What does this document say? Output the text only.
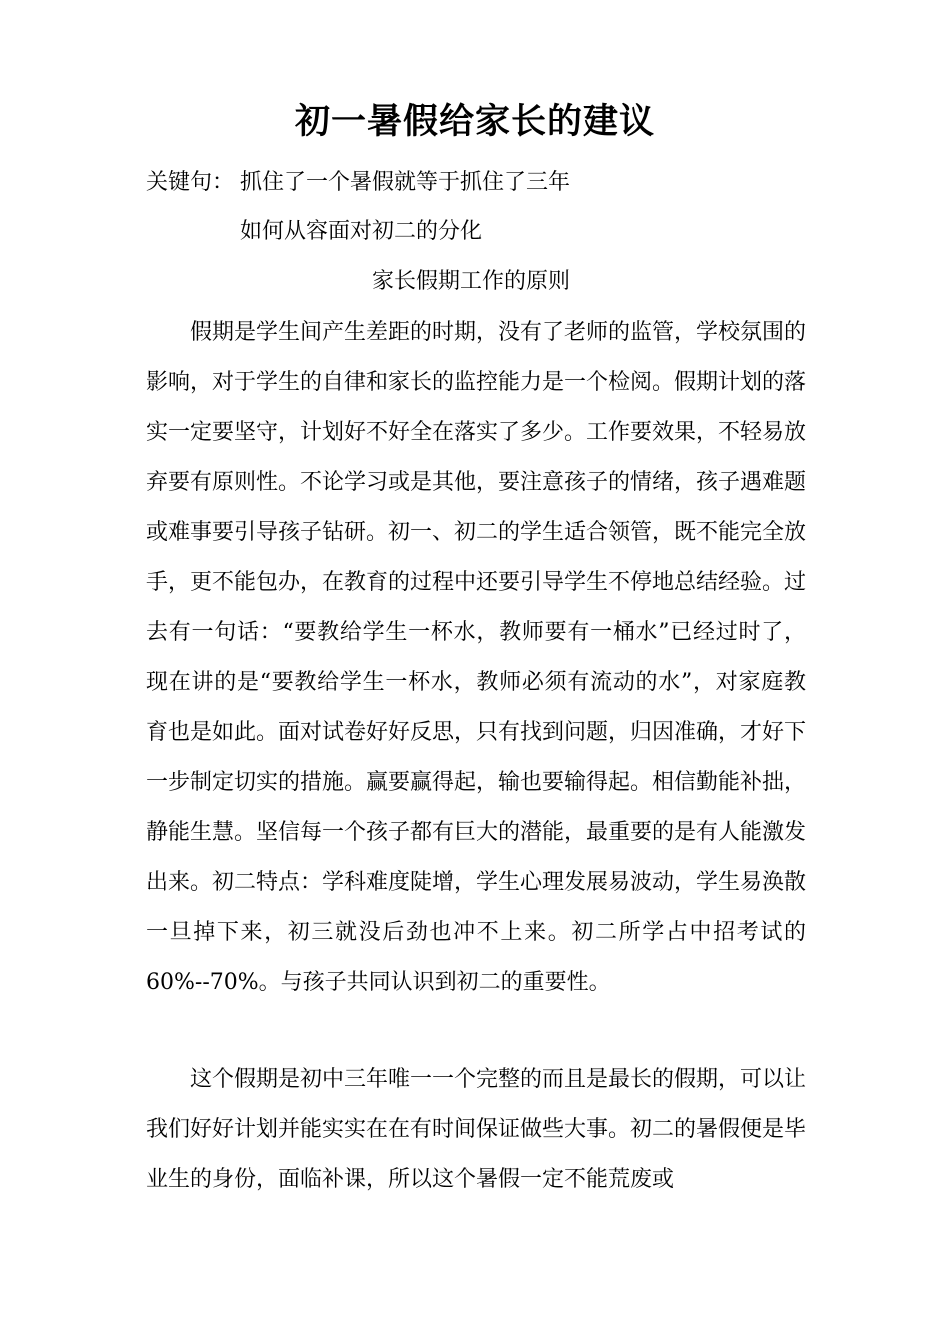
初一暑假给家长的建议
关键句： 抓住了一个暑假就等于抓住了三年
如何从容面对初二的分化
家长假期工作的原则

假期是学生间产生差距的时期，没有了老师的监管，学校氛围的影响，对于学生的自律和家长的监控能力是一个检阅。假期计划的落实一定要坚守，计划好不好全在落实了多少。工作要效果，不轻易放弃要有原则性。不论学习或是其他，要注意孩子的情绪，孩子遇难题或难事要引导孩子钻研。初一、初二的学生适合领管，既不能完全放手，更不能包办，在教育的过程中还要引导学生不停地总结经验。过去有一句话：“要教给学生一杯水，教师要有一桶水”已经过时了，现在讲的是“要教给学生一杯水，教师必须有流动的水”，对家庭教育也是如此。面对试卷好好反思，只有找到问题，归因准确，才好下一步制定切实的措施。赢要赢得起，输也要输得起。相信勤能补拙，静能生慧。坚信每一个孩子都有巨大的潜能，最重要的是有人能激发出来。初二特点：学科难度陡增，学生心理发展易波动，学生易涣散一旦掉下来，初三就没后劲也冲不上来。初二所学占中招考试的60%--70%。与孩子共同认识到初二的重要性。

这个假期是初中三年唯一一个完整的而且是最长的假期，可以让我们好好计划并能实实在在有时间保证做些大事。初二的暑假便是毕业生的身份，面临补课，所以这个暑假一定不能荒废或
